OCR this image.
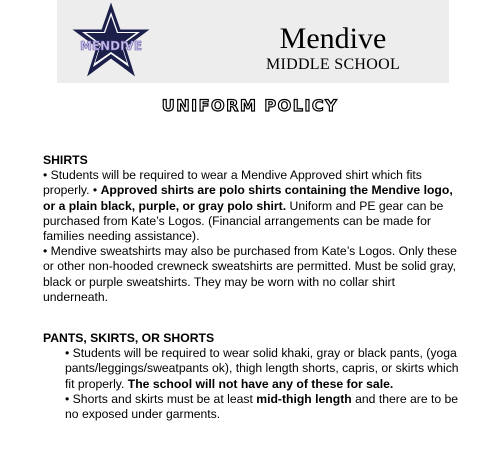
MENDIVE	Mendive
MIDDLE SCHOOL
UNIFORM POLICY

SHIRTS

• Students will be required to wear a Mendive Approved shirt which fits properly. • Approved shirts are polo shirts containing the Mendive logo, or a plain black, purple, or gray polo shirt. Uniform and PE gear can be purchased from Kate’s Logos. (Financial arrangements can be made for families needing assistance).

• Mendive sweatshirts may also be purchased from Kate’s Logos. Only these or other non-hooded crewneck sweatshirts are permitted. Must be solid gray, black or purple sweatshirts. They may be worn with no collar shirt underneath.

PANTS, SKIRTS, OR SHORTS

• Students will be required to wear solid khaki, gray or black pants, (yoga pants/leggings/sweatpants ok), thigh length shorts, capris, or skirts which fit properly. The school will not have any of these for sale.

• Shorts and skirts must be at least mid-thigh length and there are to be no exposed under garments.
